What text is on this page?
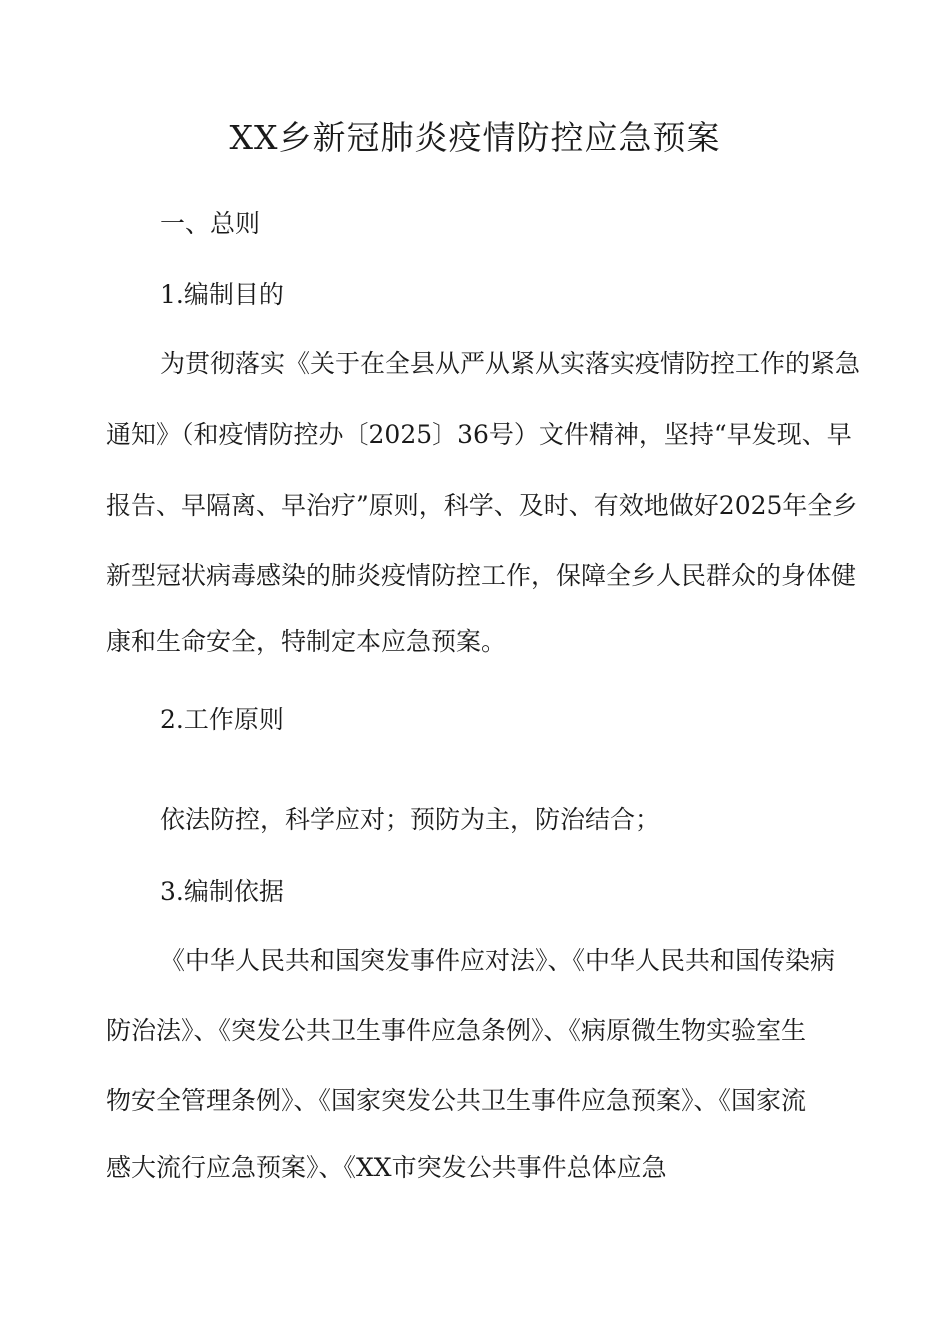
XX乡新冠肺炎疫情防控应急预案
一、总则
1.编制目的
为贯彻落实《关于在全县从严从紧从实落实疫情防控工作的紧急
通知》（和疫情防控办〔2025〕36号）文件精神，坚持“早发现、早
报告、早隔离、早治疗”原则，科学、及时、有效地做好2025年全乡
新型冠状病毒感染的肺炎疫情防控工作，保障全乡人民群众的身体健
康和生命安全，特制定本应急预案。
2.工作原则
依法防控，科学应对；预防为主，防治结合；
3.编制依据
《中华人民共和国突发事件应对法》、《中华人民共和国传染病
防治法》、《突发公共卫生事件应急条例》、《病原微生物实验室生
物安全管理条例》、《国家突发公共卫生事件应急预案》、《国家流
感大流行应急预案》、《XX市突发公共事件总体应急
